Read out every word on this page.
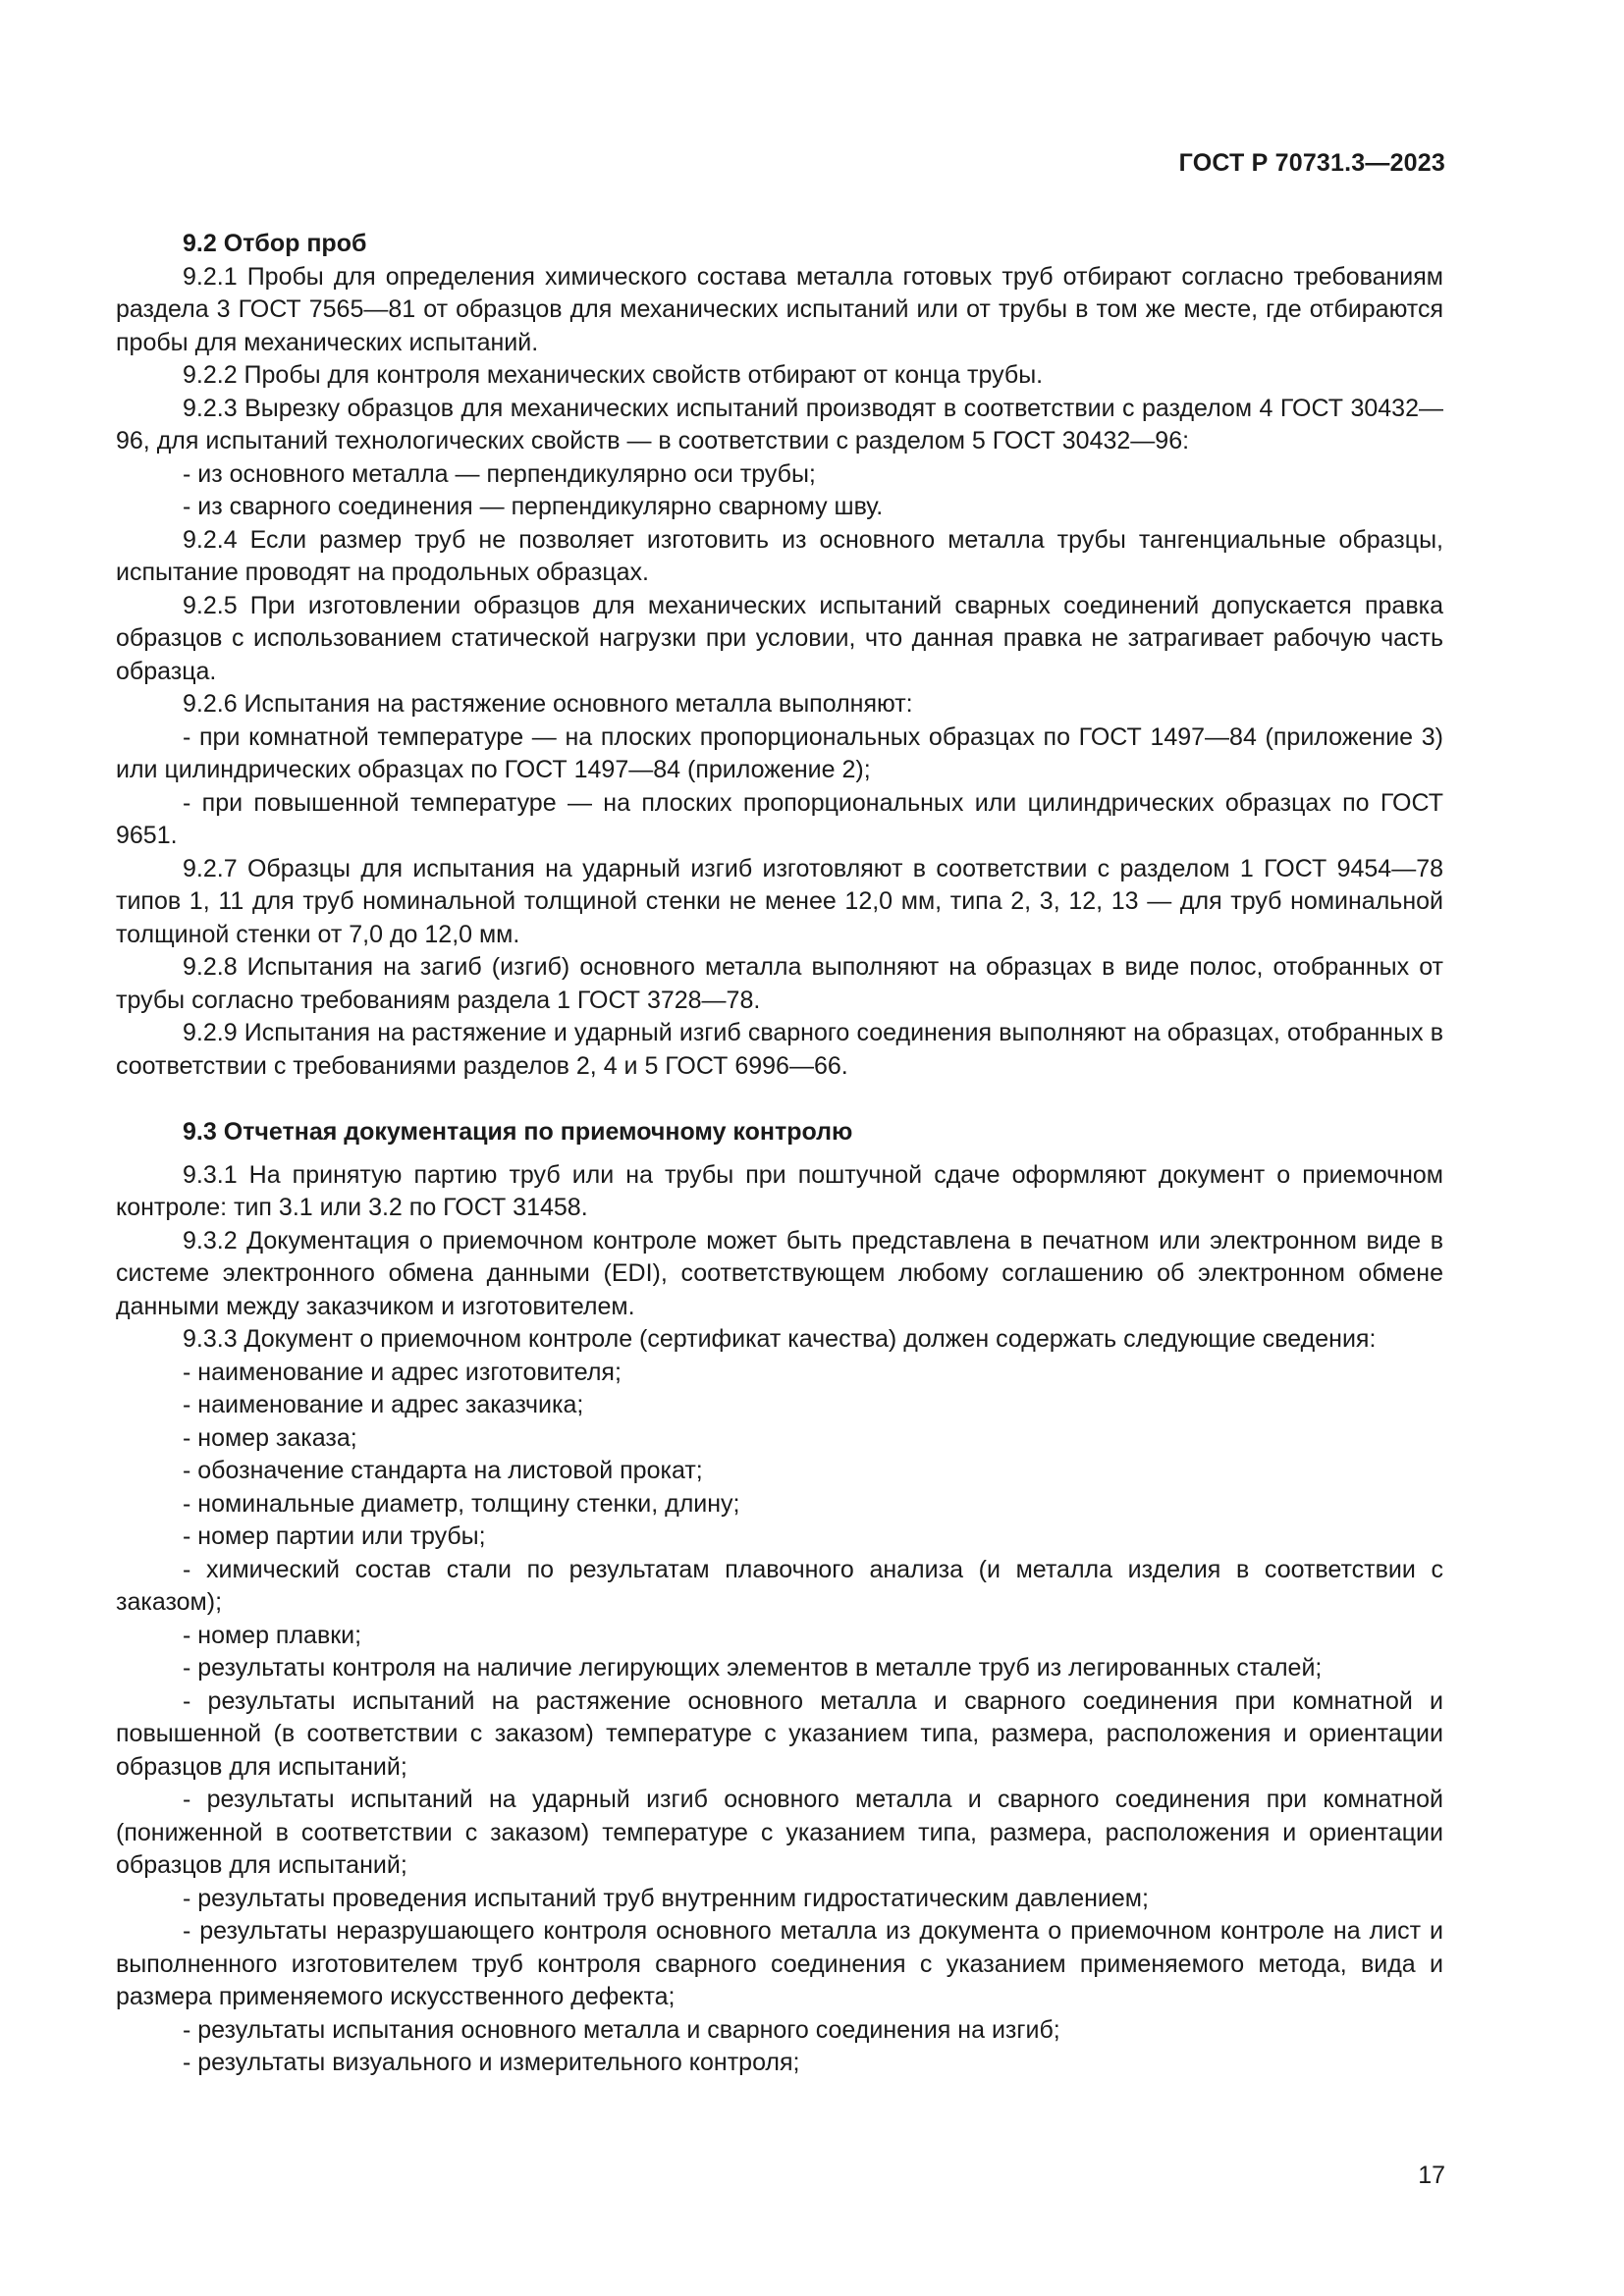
ГОСТ Р 70731.3—2023

9.2 Отбор проб

9.2.1 Пробы для определения химического состава металла готовых труб отбирают согласно требованиям раздела 3 ГОСТ 7565—81 от образцов для механических испытаний или от трубы в том же месте, где отбираются пробы для механических испытаний.

9.2.2 Пробы для контроля механических свойств отбирают от конца трубы.

9.2.3 Вырезку образцов для механических испытаний производят в соответствии с разделом 4 ГОСТ 30432—96, для испытаний технологических свойств — в соответствии с разделом 5 ГОСТ 30432—96:

- из основного металла — перпендикулярно оси трубы;

- из сварного соединения — перпендикулярно сварному шву.

9.2.4 Если размер труб не позволяет изготовить из основного металла трубы тангенциальные образцы, испытание проводят на продольных образцах.

9.2.5 При изготовлении образцов для механических испытаний сварных соединений допускается правка образцов с использованием статической нагрузки при условии, что данная правка не затрагивает рабочую часть образца.

9.2.6 Испытания на растяжение основного металла выполняют:

- при комнатной температуре — на плоских пропорциональных образцах по ГОСТ 1497—84 (приложение 3) или цилиндрических образцах по ГОСТ 1497—84 (приложение 2);

- при повышенной температуре — на плоских пропорциональных или цилиндрических образцах по ГОСТ 9651.

9.2.7 Образцы для испытания на ударный изгиб изготовляют в соответствии с разделом 1 ГОСТ 9454—78 типов 1, 11 для труб номинальной толщиной стенки не менее 12,0 мм, типа 2, 3, 12, 13 — для труб номинальной толщиной стенки от 7,0 до 12,0 мм.

9.2.8 Испытания на загиб (изгиб) основного металла выполняют на образцах в виде полос, отобранных от трубы согласно требованиям раздела 1 ГОСТ 3728—78.

9.2.9 Испытания на растяжение и ударный изгиб сварного соединения выполняют на образцах, отобранных в соответствии с требованиями разделов 2, 4 и 5 ГОСТ 6996—66.

9.3 Отчетная документация по приемочному контролю

9.3.1 На принятую партию труб или на трубы при поштучной сдаче оформляют документ о приемочном контроле: тип 3.1 или 3.2 по ГОСТ 31458.

9.3.2 Документация о приемочном контроле может быть представлена в печатном или электронном виде в системе электронного обмена данными (EDI), соответствующем любому соглашению об электронном обмене данными между заказчиком и изготовителем.

9.3.3 Документ о приемочном контроле (сертификат качества) должен содержать следующие сведения:

- наименование и адрес изготовителя;

- наименование и адрес заказчика;

- номер заказа;

- обозначение стандарта на листовой прокат;

- номинальные диаметр, толщину стенки, длину;

- номер партии или трубы;

- химический состав стали по результатам плавочного анализа (и металла изделия в соответствии с заказом);

- номер плавки;

- результаты контроля на наличие легирующих элементов в металле труб из легированных сталей;

- результаты испытаний на растяжение основного металла и сварного соединения при комнатной и повышенной (в соответствии с заказом) температуре с указанием типа, размера, расположения и ориентации образцов для испытаний;

- результаты испытаний на ударный изгиб основного металла и сварного соединения при комнатной (пониженной в соответствии с заказом) температуре с указанием типа, размера, расположения и ориентации образцов для испытаний;

- результаты проведения испытаний труб внутренним гидростатическим давлением;

- результаты неразрушающего контроля основного металла из документа о приемочном контроле на лист и выполненного изготовителем труб контроля сварного соединения с указанием применяемого метода, вида и размера применяемого искусственного дефекта;

- результаты испытания основного металла и сварного соединения на изгиб;

- результаты визуального и измерительного контроля;

17
